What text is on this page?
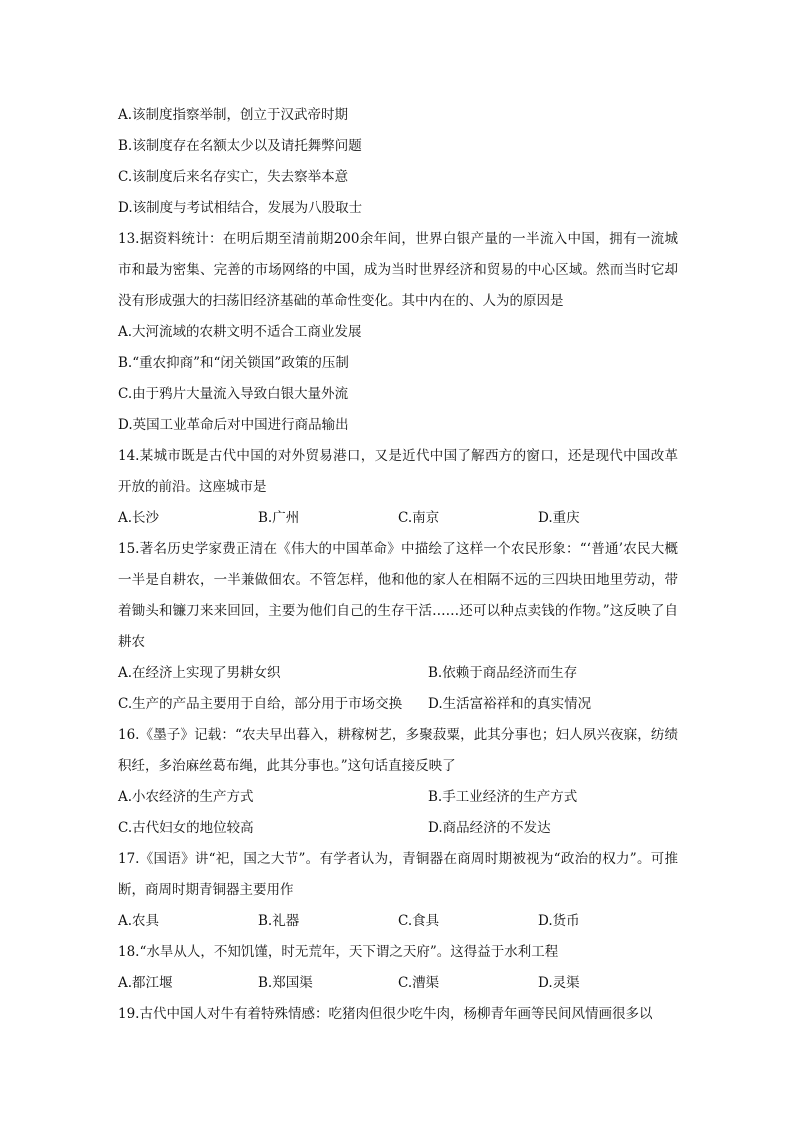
A.该制度指察举制，创立于汉武帝时期
B.该制度存在名额太少以及请托舞弊问题
C.该制度后来名存实亡，失去察举本意
D.该制度与考试相结合，发展为八股取士
13.据资料统计：在明后期至清前期200余年间，世界白银产量的一半流入中国，拥有一流城市和最为密集、完善的市场网络的中国，成为当时世界经济和贸易的中心区域。然而当时它却没有形成强大的扫荡旧经济基础的革命性变化。其中内在的、人为的原因是
A.大河流域的农耕文明不适合工商业发展
B.“重农抑商”和“闭关锁国”政策的压制
C.由于鸦片大量流入导致白银大量外流
D.英国工业革命后对中国进行商品输出
14.某城市既是古代中国的对外贸易港口，又是近代中国了解西方的窗口，还是现代中国改革开放的前沿。这座城市是
A.长沙	B.广州	C.南京	D.重庆
15.著名历史学家费正清在《伟大的中国革命》中描绘了这样一个农民形象：“‘普通’农民大概一半是自耕农，一半兼做佃农。不管怎样，他和他的家人在相隔不远的三四块田地里劳动，带着锄头和镰刀来来回回，主要为他们自己的生存干活……还可以种点卖钱的作物。”这反映了自耕农
A.在经济上实现了男耕女织	B.依赖于商品经济而生存
C.生产的产品主要用于自给，部分用于市场交换	D.生活富裕祥和的真实情况
16.《墨子》记载：“农夫早出暮入，耕稼树艺，多聚菽粟，此其分事也；妇人夙兴夜寐，纺绩积纴，多治麻丝葛布绳，此其分事也。”这句话直接反映了
A.小农经济的生产方式	B.手工业经济的生产方式
C.古代妇女的地位较高	D.商品经济的不发达
17.《国语》讲“祀，国之大节”。有学者认为，青铜器在商周时期被视为“政治的权力”。可推断，商周时期青铜器主要用作
A.农具	B.礼器	C.食具	D.货币
18.“水旱从人，不知饥馑，时无荒年，天下谓之天府”。这得益于水利工程
A.都江堰	B.郑国渠	C.漕渠	D.灵渠
19.古代中国人对牛有着特殊情感：吃猪肉但很少吃牛肉，杨柳青年画等民间风情画很多以
